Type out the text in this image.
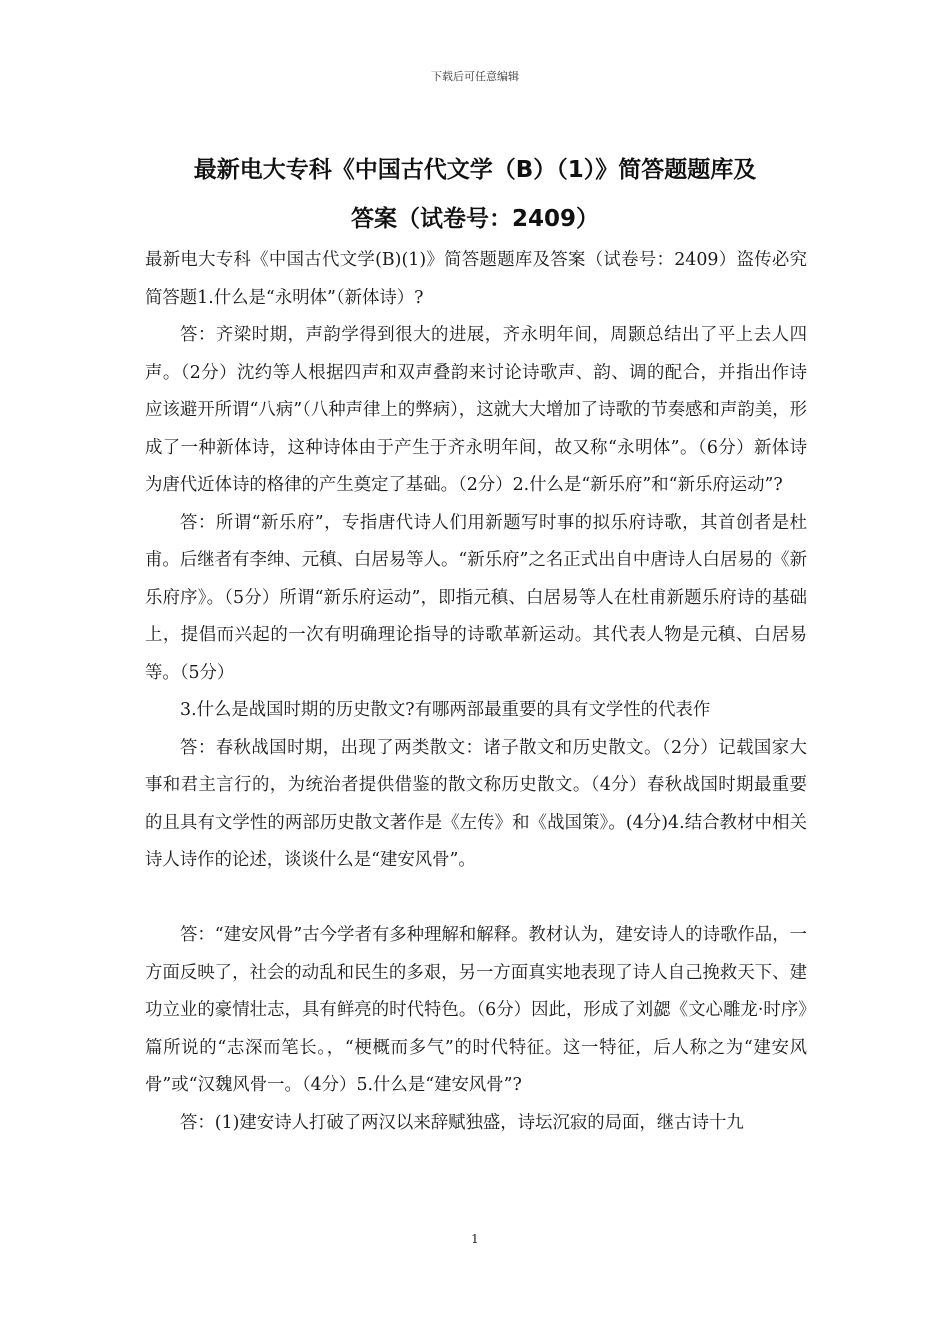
下载后可任意编辑
最新电大专科《中国古代文学（B）（1）》简答题题库及
答案（试卷号：2409）

最新电大专科《中国古代文学(B)(1)》简答题题库及答案（试卷号：2409）盗传必究简答题1.什么是“永明体”（新体诗）?

答：齐梁时期，声韵学得到很大的进展，齐永明年间，周颢总结出了平上去人四声。（2分）沈约等人根据四声和双声叠韵来讨论诗歌声、韵、调的配合，并指出作诗应该避开所谓“八病”（八种声律上的弊病），这就大大增加了诗歌的节奏感和声韵美，形成了一种新体诗，这种诗体由于产生于齐永明年间，故又称“永明体”。（6分）新体诗为唐代近体诗的格律的产生奠定了基础。（2分）2.什么是“新乐府”和“新乐府运动”?

答：所谓“新乐府”，专指唐代诗人们用新题写时事的拟乐府诗歌，其首创者是杜甫。后继者有李绅、元稹、白居易等人。“新乐府”之名正式出自中唐诗人白居易的《新乐府序》。（5分）所谓“新乐府运动”，即指元稹、白居易等人在杜甫新题乐府诗的基础上，提倡而兴起的一次有明确理论指导的诗歌革新运动。其代表人物是元稹、白居易等。（5分）

3.什么是战国时期的历史散文?有哪两部最重要的具有文学性的代表作

答：春秋战国时期，出现了两类散文：诸子散文和历史散文。（2分）记载国家大事和君主言行的，为统治者提供借鉴的散文称历史散文。（4分）春秋战国时期最重要的且具有文学性的两部历史散文著作是《左传》和《战国策》。(4分)4.结合教材中相关诗人诗作的论述，谈谈什么是“建安风骨”。

答：“建安风骨”古今学者有多种理解和解释。教材认为，建安诗人的诗歌作品，一方面反映了，社会的动乱和民生的多艰，另一方面真实地表现了诗人自己挽救天下、建功立业的豪情壮志，具有鲜亮的时代特色。（6分）因此，形成了刘勰《文心雕龙·时序》篇所说的“志深而笔长。，“梗概而多气”的时代特征。这一特征，后人称之为“建安风骨”或“汉魏风骨一。（4分）5.什么是“建安风骨”?

答：(1)建安诗人打破了两汉以来辞赋独盛，诗坛沉寂的局面，继古诗十九

1
